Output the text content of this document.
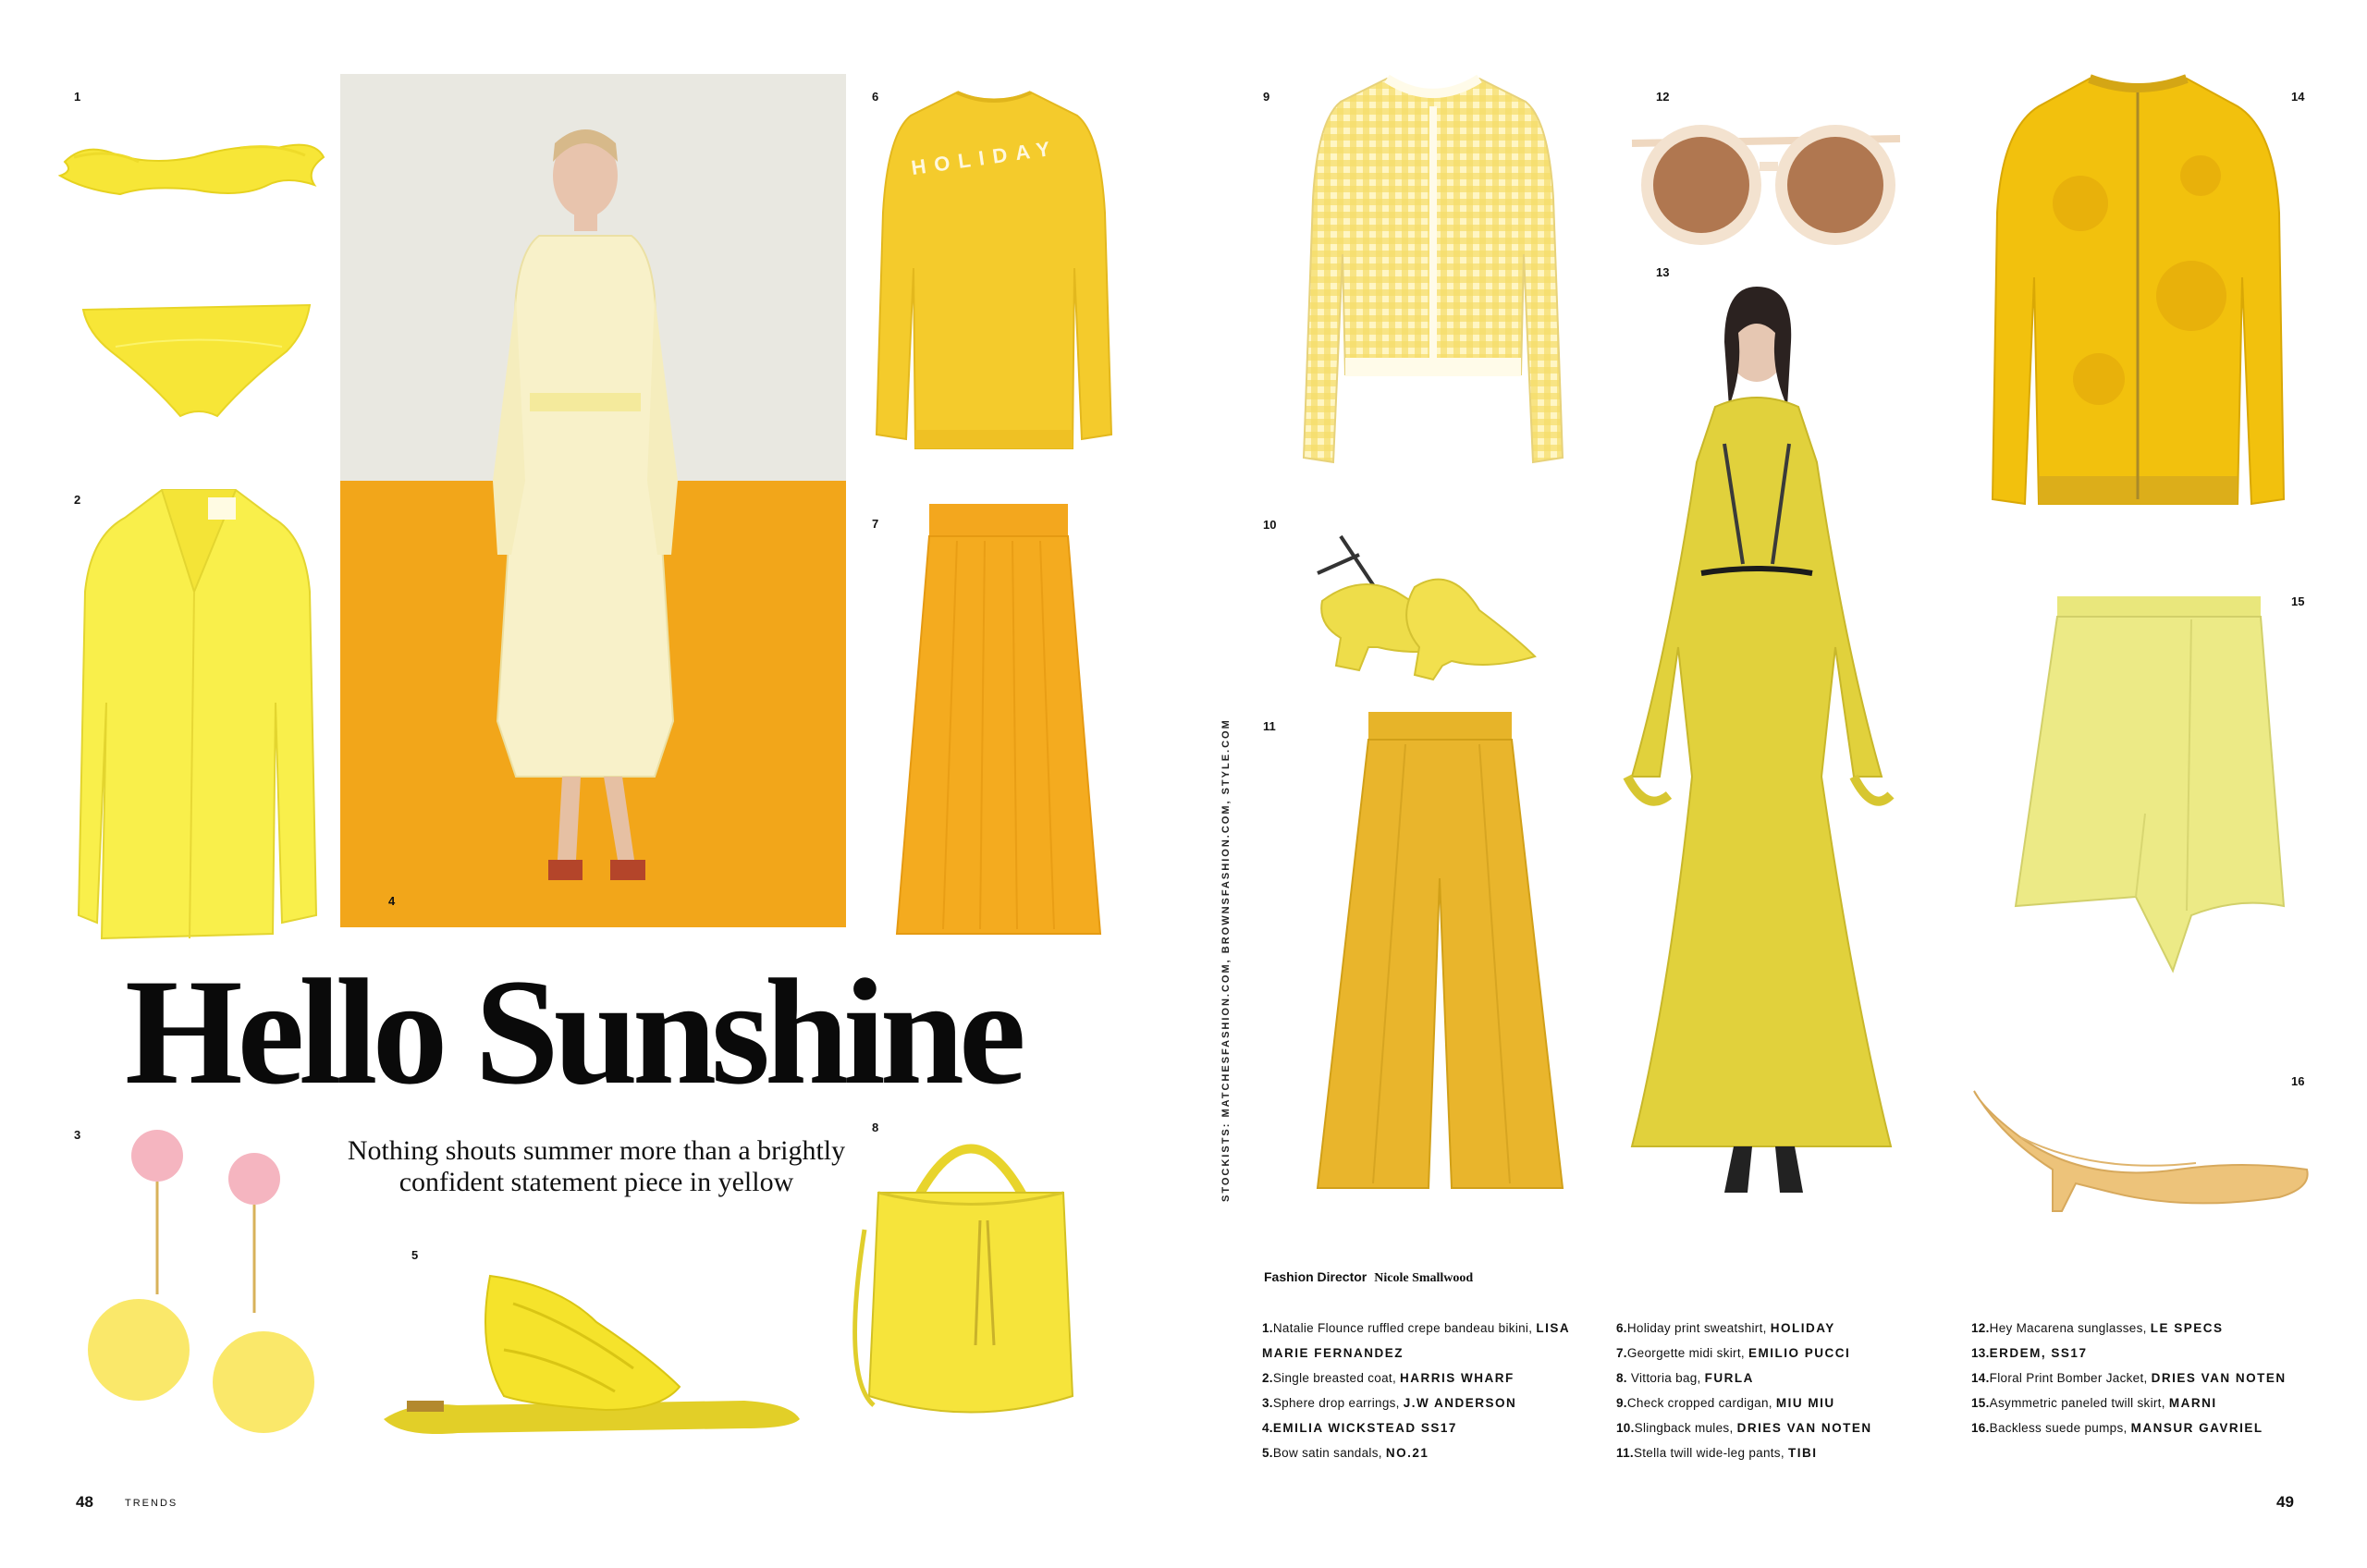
1
2
3
4
6
HOLIDAY
7
Hello Sunshine
Nothing shouts summer more than a brightly
confident statement piece in yellow
5
8
48	TRENDS
STOCKISTS: MATCHESFASHION.COM, BROWNSFASHION.COM, STYLE.COM
9
10
11
12
13
14
15
16
Fashion Director Nicole Smallwood
1.Natalie Flounce ruffled crepe bandeau bikini, LISA
MARIE FERNANDEZ
2.Single breasted coat, HARRIS WHARF
3.Sphere drop earrings, J.W ANDERSON
4.EMILIA WICKSTEAD SS17
5.Bow satin sandals, NO.21
6.Holiday print sweatshirt, HOLIDAY
7.Georgette midi skirt, EMILIO PUCCI
8. Vittoria bag, FURLA
9.Check cropped cardigan, MIU MIU
10.Slingback mules, DRIES VAN NOTEN
11.Stella twill wide-leg pants, TIBI
12.Hey Macarena sunglasses, LE SPECS
13.ERDEM, SS17
14.Floral Print Bomber Jacket, DRIES VAN NOTEN
15.Asymmetric paneled twill skirt, MARNI
16.Backless suede pumps, MANSUR GAVRIEL
49
